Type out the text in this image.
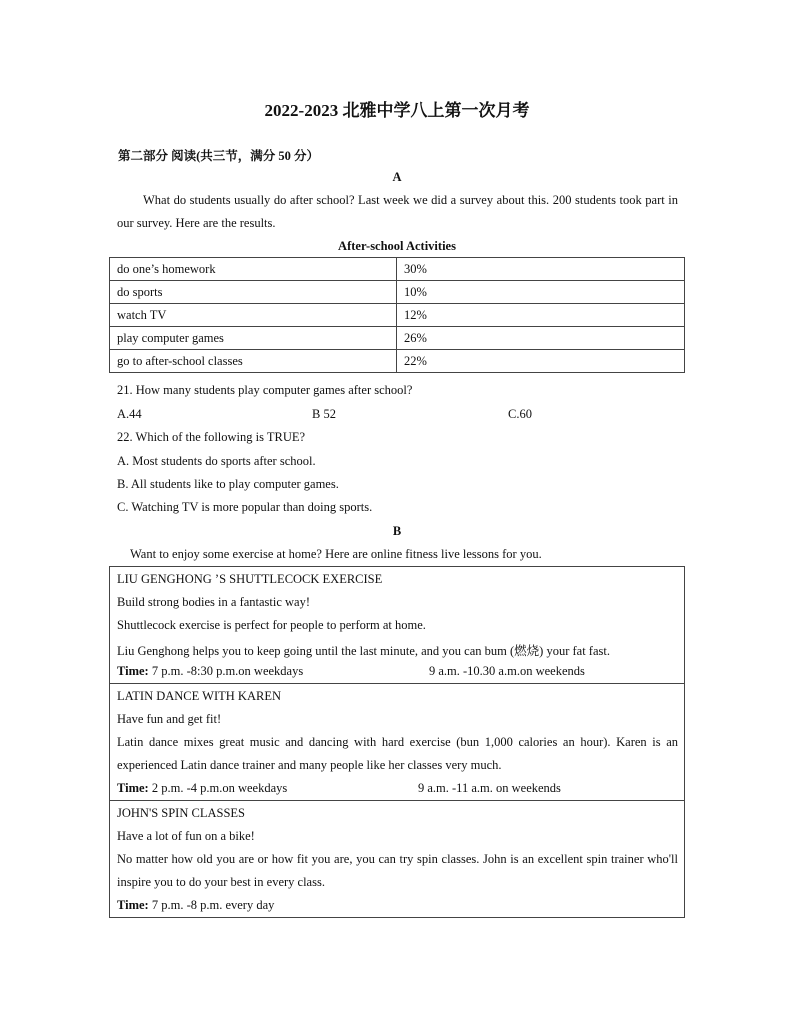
2022-2023 北雅中学八上第一次月考
第二部分 阅读(共三节，满分 50 分）
A
What do students usually do after school? Last week we did a survey about this. 200 students took part in our survey. Here are the results.
After-school Activities
do one’s homework	30%
do sports	10%
watch TV	12%
play computer games	26%
go to after-school classes	22%
21. How many students play computer games after school?
A.44	B 52	C.60
22. Which of the following is TRUE?
A. Most students do sports after school.
B. All students like to play computer games.
C. Watching TV is more popular than doing sports.
B
Want to enjoy some exercise at home? Here are online fitness live lessons for you.
LIU GENGHONG ’S SHUTTLECOCK EXERCISE
Build strong bodies in a fantastic way!
Shuttlecock exercise is perfect for people to perform at home.
Liu Genghong helps you to keep going until the last minute, and you can bum (燃烧) your fat fast.
Time: 7 p.m. -8:30 p.m.on weekdays	9 a.m. -10.30 a.m.on weekends
LATIN DANCE WITH KAREN
Have fun and get fit!
Latin dance mixes great music and dancing with hard exercise (bun 1,000 calories an hour). Karen is an experienced Latin dance trainer and many people like her classes very much.
Time: 2 p.m. -4 p.m.on weekdays	9 a.m. -11 a.m. on weekends
JOHN'S SPIN CLASSES
Have a lot of fun on a bike!
No matter how old you are or how fit you are, you can try spin classes. John is an excellent spin trainer who'll inspire you to do your best in every class.
Time: 7 p.m. -8 p.m. every day
